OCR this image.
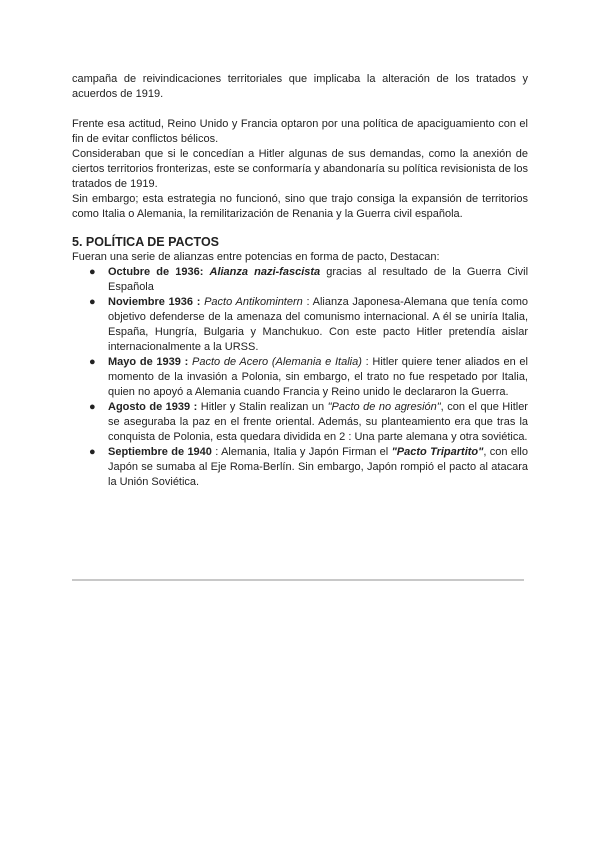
campaña de reivindicaciones territoriales que implicaba la alteración de los tratados y acuerdos de 1919.

Frente esa actitud, Reino Unido y Francia optaron por una política de apaciguamiento con el fin de evitar conflictos bélicos.

Consideraban que si le concedían a Hitler algunas de sus demandas, como la anexión de ciertos territorios fronterizas, este se conformaría y abandonaría su política revisionista de los tratados de 1919.

Sin embargo; esta estrategia no funcionó, sino que trajo consiga la expansión de territorios como Italia o Alemania, la remilitarización de Renania y la Guerra civil española.

5. POLÍTICA DE PACTOS

Fueran una serie de alianzas entre potencias en forma de pacto, Destacan:

● Octubre de 1936: Alianza nazi-fascista gracias al resultado de la Guerra Civil Española
● Noviembre 1936 : Pacto Antikomintern : Alianza Japonesa-Alemana que tenía como objetivo defenderse de la amenaza del comunismo internacional. A él se uniría Italia, España, Hungría, Bulgaria y Manchukuo. Con este pacto Hitler pretendía aislar internacionalmente a la URSS.
● Mayo de 1939 : Pacto de Acero (Alemania e Italia) : Hitler quiere tener aliados en el momento de la invasión a Polonia, sin embargo, el trato no fue respetado por Italia, quien no apoyó a Alemania cuando Francia y Reino unido le declararon la Guerra.
● Agosto de 1939 : Hitler y Stalin realizan un "Pacto de no agresión", con el que Hitler se aseguraba la paz en el frente oriental. Además, su planteamiento era que tras la conquista de Polonia, esta quedara dividida en 2 : Una parte alemana y otra soviética.
● Septiembre de 1940 : Alemania, Italia y Japón Firman el "Pacto Tripartito", con ello Japón se sumaba al Eje Roma-Berlín. Sin embargo, Japón rompió el pacto al atacara la Unión Soviética.
